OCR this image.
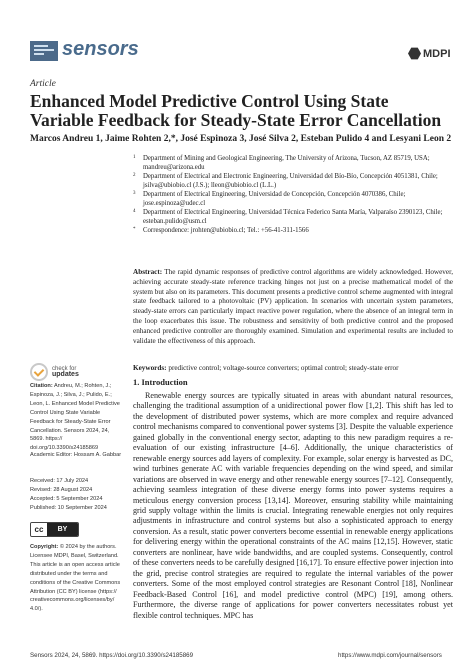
sensors	MDPI
Article
Enhanced Model Predictive Control Using State Variable Feedback for Steady-State Error Cancellation
Marcos Andreu 1, Jaime Rohten 2,*, José Espinoza 3, José Silva 2, Esteban Pulido 4 and Lesyani Leon 2
1 Department of Mining and Geological Engineering, The University of Arizona, Tucson, AZ 85719, USA; mandreu@arizona.edu
2 Department of Electrical and Electronic Engineering, Universidad del Bío-Bío, Concepción 4051381, Chile; jsilva@ubiobio.cl (J.S.); lleon@ubiobio.cl (L.L.)
3 Department of Electrical Engineering, Universidad de Concepción, Concepción 4070386, Chile; jose.espinoza@udec.cl
4 Department of Electrical Engineering, Universidad Técnica Federico Santa María, Valparaíso 2390123, Chile; esteban.pulido@usm.cl
* Correspondence: jrohten@ubiobio.cl; Tel.: +56-41-311-1566
Abstract: The rapid dynamic responses of predictive control algorithms are widely acknowledged. However, achieving accurate steady-state reference tracking hinges not just on a precise mathematical model of the system but also on its parameters. This document presents a predictive control scheme augmented with integral state feedback tailored to a photovoltaic (PV) application. In scenarios with uncertain system parameters, steady-state errors can particularly impact reactive power regulation, where the absence of an integral term in the loop exacerbates this issue. The robustness and sensitivity of both predictive control and the proposed enhanced predictive controller are thoroughly examined. Simulation and experimental results are included to validate the effectiveness of this approach.
Keywords: predictive control; voltage-source converters; optimal control; steady-state error
check for
updates
Citation: Andreu, M.; Rohten, J.; Espinoza, J.; Silva, J.; Pulido, E.; Leon, L. Enhanced Model Predictive Control Using State Variable Feedback for Steady-State Error Cancellation. Sensors 2024, 24, 5869. https:// doi.org/10.3390/s24185869
Academic Editor: Hossam A. Gabbar
Received: 17 July 2024
Revised: 28 August 2024
Accepted: 5 September 2024
Published: 10 September 2024
cc	BY
Copyright: © 2024 by the authors. Licensee MDPI, Basel, Switzerland. This article is an open access article distributed under the terms and conditions of the Creative Commons Attribution (CC BY) license (https:// creativecommons.org/licenses/by/ 4.0/).
1. Introduction
Renewable energy sources are typically situated in areas with abundant natural resources, challenging the traditional assumption of a unidirectional power flow [1,2]. This shift has led to the development of distributed power systems, which are more complex and require advanced control mechanisms compared to conventional power systems [3]. Despite the valuable experience gained globally in the conventional energy sector, adapting to this new paradigm requires a re-evaluation of our existing infrastructure [4–6]. Additionally, the unique characteristics of renewable energy sources add layers of complexity. For example, solar energy is harvested as DC, wind turbines generate AC with variable frequencies depending on the wind speed, and similar variations are observed in wave energy and other renewable energy sources [7–12]. Consequently, achieving seamless integration of these diverse energy forms into power systems requires a meticulous energy conversion process [13,14]. Moreover, ensuring stability while maintaining grid supply voltage within the limits is crucial. Integrating renewable energies not only requires adjustments in infrastructure and control systems but also a sophisticated approach to energy conversion. As a result, static power converters become essential in renewable energy applications for delivering energy within the operational constraints of the AC mains [12,15]. However, static converters are nonlinear, have wide bandwidths, and are coupled systems. Consequently, control of these converters needs to be carefully designed [16,17]. To ensure effective power injection into the grid, precise control strategies are required to regulate the internal variables of the power converters. Some of the most employed control strategies are Resonant Control [18], Nonlinear Feedback-Based Control [16], and model predictive control (MPC) [19], among others. Furthermore, the diverse range of applications for power converters necessitates robust yet flexible control techniques. MPC has
Sensors 2024, 24, 5869. https://doi.org/10.3390/s24185869	https://www.mdpi.com/journal/sensors
